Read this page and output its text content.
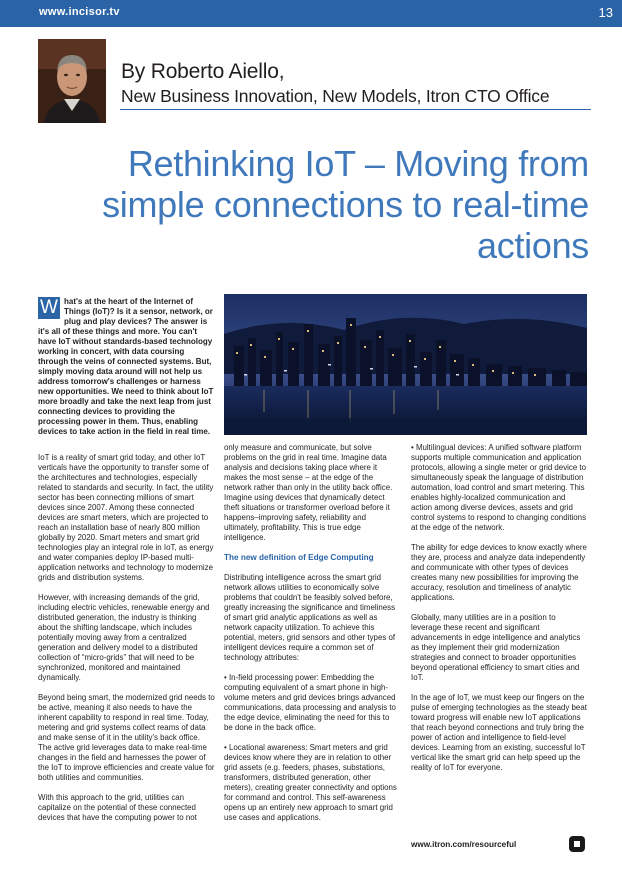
www.incisor.tv	13
By Roberto Aiello,
New Business Innovation, New Models, Itron CTO Office
Rethinking IoT – Moving from simple connections to real-time actions
W hat's at the heart of the Internet of Things (IoT)? Is it a sensor, network, or plug and play devices? The answer is it's all of these things and more. You can't have IoT without standards-based technology working in concert, with data coursing through the veins of connected systems. But, simply moving data around will not help us address tomorrow's challenges or harness new opportunities. We need to think about IoT more broadly and take the next leap from just connecting devices to providing the processing power in them. Thus, enabling devices to take action in the field in real time.

IoT is a reality of smart grid today, and other IoT verticals have the opportunity to transfer some of the architectures and technologies, especially related to standards and security. In fact, the utility sector has been connecting millions of smart devices since 2007. Among these connected devices are smart meters, which are projected to reach an installation base of nearly 800 million globally by 2020. Smart meters and smart grid technologies play an integral role in IoT, as energy and water companies deploy IP-based multi-application networks and technology to modernize grids and distribution systems.

However, with increasing demands of the grid, including electric vehicles, renewable energy and distributed generation, the industry is thinking about the shifting landscape, which includes potentially moving away from a centralized generation and delivery model to a distributed collection of “micro-grids” that will need to be synchronized, monitored and maintained dynamically.

Beyond being smart, the modernized grid needs to be active, meaning it also needs to have the inherent capability to respond in real time. Today, metering and grid systems collect reams of data and make sense of it in the utility's back office. The active grid leverages data to make real-time changes in the field and harnesses the power of the IoT to improve efficiencies and create value for both utilities and communities.

With this approach to the grid, utilities can capitalize on the potential of these connected devices that have the computing power to not

only measure and communicate, but solve problems on the grid in real time. Imagine data analysis and decisions taking place where it makes the most sense – at the edge of the network rather than only in the utility back office. Imagine using devices that dynamically detect theft situations or transformer overload before it happens–improving safety, reliability and ultimately, profitability. This is true edge intelligence.

The new definition of Edge Computing

Distributing intelligence across the smart grid network allows utilities to economically solve problems that couldn't be feasibly solved before, greatly increasing the significance and timeliness of smart grid analytic applications as well as network capacity utilization. To achieve this potential, meters, grid sensors and other types of intelligent devices require a common set of technology attributes:

• In-field processing power: Embedding the computing equivalent of a smart phone in high-volume meters and grid devices brings advanced communications, data processing and analysis to the edge device, eliminating the need for this to be done in the back office.

• Locational awareness: Smart meters and grid devices know where they are in relation to other grid assets (e.g. feeders, phases, substations, transformers, distributed generation, other meters), creating greater connectivity and options for command and control. This self-awareness opens up an entirely new approach to smart grid use cases and applications.

• Multilingual devices: A unified software platform supports multiple communication and application protocols, allowing a single meter or grid device to simultaneously speak the language of distribution automation, load control and smart metering. This enables highly-localized communication and action among diverse devices, assets and grid control systems to respond to changing conditions at the edge of the network.

The ability for edge devices to know exactly where they are, process and analyze data independently and communicate with other types of devices creates many new possibilities for improving the accuracy, resolution and timeliness of analytic applications.

Globally, many utilities are in a position to leverage these recent and significant advancements in edge intelligence and analytics as they implement their grid modernization strategies and connect to broader opportunities beyond operational efficiency to smart cities and IoT.

In the age of IoT, we must keep our fingers on the pulse of emerging technologies as the steady beat toward progress will enable new IoT applications that reach beyond connections and truly bring the power of action and intelligence to field-level devices. Learning from an existing, successful IoT vertical like the smart grid can help speed up the reality of IoT for everyone.

www.itron.com/resourceful
